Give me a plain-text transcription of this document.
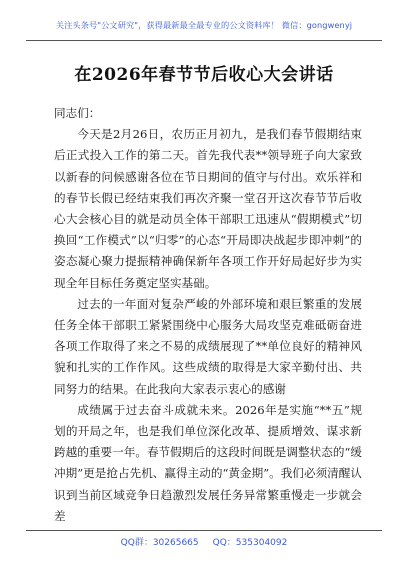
关注头条号"公文研究"，获得最新最全最专业的公文资料库！ 微信：gongwenyj
在2026年春节节后收心大会讲话

同志们：

今天是2月26日，农历正月初九，是我们春节假期结束后正式投入工作的第二天。首先我代表**领导班子向大家致以新春的问候感谢各位在节日期间的值守与付出。欢乐祥和的春节长假已经结束我们再次齐聚一堂召开这次春节节后收心大会核心目的就是动员全体干部职工迅速从“假期模式”切换回“工作模式”以“归零”的心态“开局即决战起步即冲刺”的姿态凝心聚力提振精神确保新年各项工作开好局起好步为实现全年目标任务奠定坚实基础。

过去的一年面对复杂严峻的外部环境和艰巨繁重的发展任务全体干部职工紧紧围绕中心服务大局攻坚克难砥砺奋进各项工作取得了来之不易的成绩展现了**单位良好的精神风貌和扎实的工作作风。这些成绩的取得是大家辛勤付出、共同努力的结果。在此我向大家表示衷心的感谢

成绩属于过去奋斗成就未来。2026年是实施“**五”规划的开局之年，也是我们单位深化改革、提质增效、谋求新跨越的重要一年。春节假期后的这段时间既是调整状态的“缓冲期”更是抢占先机、赢得主动的“黄金期”。我们必须清醒认识到当前区域竞争日趋激烈发展任务异常繁重慢走一步就会差

QQ群：30265665 QQ：535304092
